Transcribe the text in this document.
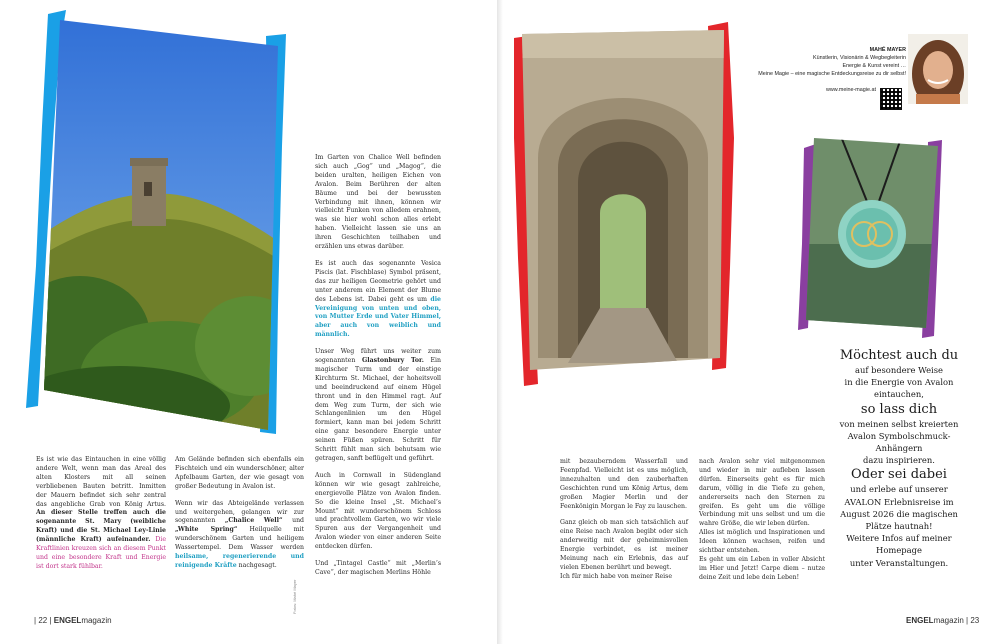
Fotos: Mahé Mayer

Es ist wie das Eintauchen in eine völlig andere Welt, wenn man das Areal des alten Klosters mit all seinen verbliebenen Bauten betritt. Inmitten der Mauern befindet sich sehr zentral das angebliche Grab von König Artus. An dieser Stelle treffen auch die sogenannte St. Mary (weibliche Kraft) und die St. Michael Ley-Linie (männliche Kraft) aufeinander. Die Kraftlinien kreuzen sich an diesem Punkt und eine besondere Kraft und Energie ist dort stark fühlbar.

Am Gelände befinden sich ebenfalls ein Fischteich und ein wunderschöner, alter Apfelbaum Garten, der wie gesagt von großer Bedeutung in Avalon ist.

Wenn wir das Abteigelände verlassen und weitergehen, gelangen wir zur sogenannten „Chalice Well“ und „White Spring“ Heilquelle mit wunderschönem Garten und heiligem Wassertempel. Dem Wasser werden heilsame, regenerierende und reinigende Kräfte nachgesagt.

Im Garten von Chalice Well befinden sich auch „Gog“ und „Magog“, die beiden uralten, heiligen Eichen von Avalon. Beim Berühren der alten Bäume und bei der bewussten Verbindung mit ihnen, können wir vielleicht Funken von alledem erahnen, was sie hier wohl schon alles erlebt haben. Vielleicht lassen sie uns an ihren Geschichten teilhaben und erzählen uns etwas darüber.

Es ist auch das sogenannte Vesica Piscis (lat. Fischblase) Symbol präsent, das zur heiligen Geometrie gehört und unter anderem ein Element der Blume des Lebens ist. Dabei geht es um die Vereinigung von unten und oben, von Mutter Erde und Vater Himmel, aber auch von weiblich und männlich.

Unser Weg führt uns weiter zum sogenannten Glastonbury Tor. Ein magischer Turm und der einstige Kirchturm St. Michael, der hoheitsvoll und beeindruckend auf einem Hügel thront und in den Himmel ragt. Auf dem Weg zum Turm, der sich wie Schlangenlinien um den Hügel formiert, kann man bei jedem Schritt eine ganz besondere Energie unter seinen Füßen spüren. Schritt für Schritt fühlt man sich behutsam wie getragen, sanft beflügelt und geführt.

Auch in Cornwall in Südengland können wir wie gesagt zahlreiche, energievolle Plätze von Avalon finden. So die kleine Insel „St. Michael’s Mount“ mit wunderschönem Schloss und prachtvollem Garten, wo wir viele Spuren aus der Vergangenheit und Avalon wieder von einer anderen Seite entdecken dürfen.

Und „Tintagel Castle“ mit „Merlin’s Cave“, der magischen Merlins Höhle

| 22 | ENGELmagazin
MAHÉ MAYER
Künstlerin, Visionärin & Wegbegleiterin
Energie & Kunst vereint …
Meine Magie – eine magische Entdeckungsreise zu dir selbst!
www.meine-magie.at

mit bezauberndem Wasserfall und Feenpfad. Vielleicht ist es uns möglich, innezuhalten und den zauberhaften Geschichten rund um König Artus, dem großen Magier Merlin und der Feenkönigin Morgan le Fay zu lauschen.

Ganz gleich ob man sich tatsächlich auf eine Reise nach Avalon begibt oder sich anderweitig mit der geheimnisvollen Energie verbindet, es ist meiner Meinung nach ein Erlebnis, das auf vielen Ebenen berührt und bewegt.

Ich für mich habe von meiner Reise

nach Avalon sehr viel mitgenommen und wieder in mir aufleben lassen dürfen. Einerseits geht es für mich darum, völlig in die Tiefe zu gehen, andererseits nach den Sternen zu greifen. Es geht um die völlige Verbindung mit uns selbst und um die wahre Größe, die wir leben dürfen.

Alles ist möglich und Inspirationen und Ideen können wachsen, reifen und sichtbar entstehen.

Es geht um ein Leben in voller Absicht im Hier und Jetzt! Carpe diem – nutze deine Zeit und lebe dein Leben!

Möchtest auch du
auf besondere Weise
in die Energie von Avalon eintauchen,
so lass dich
von meinen selbst kreierten Avalon Symbolschmuck-Anhängern
dazu inspirieren.
Oder sei dabei
und erlebe auf unserer AVALON Erlebnisreise im August 2026 die magischen Plätze hautnah!
Weitere Infos auf meiner Homepage
unter Veranstaltungen.
ENGELmagazin | 23
